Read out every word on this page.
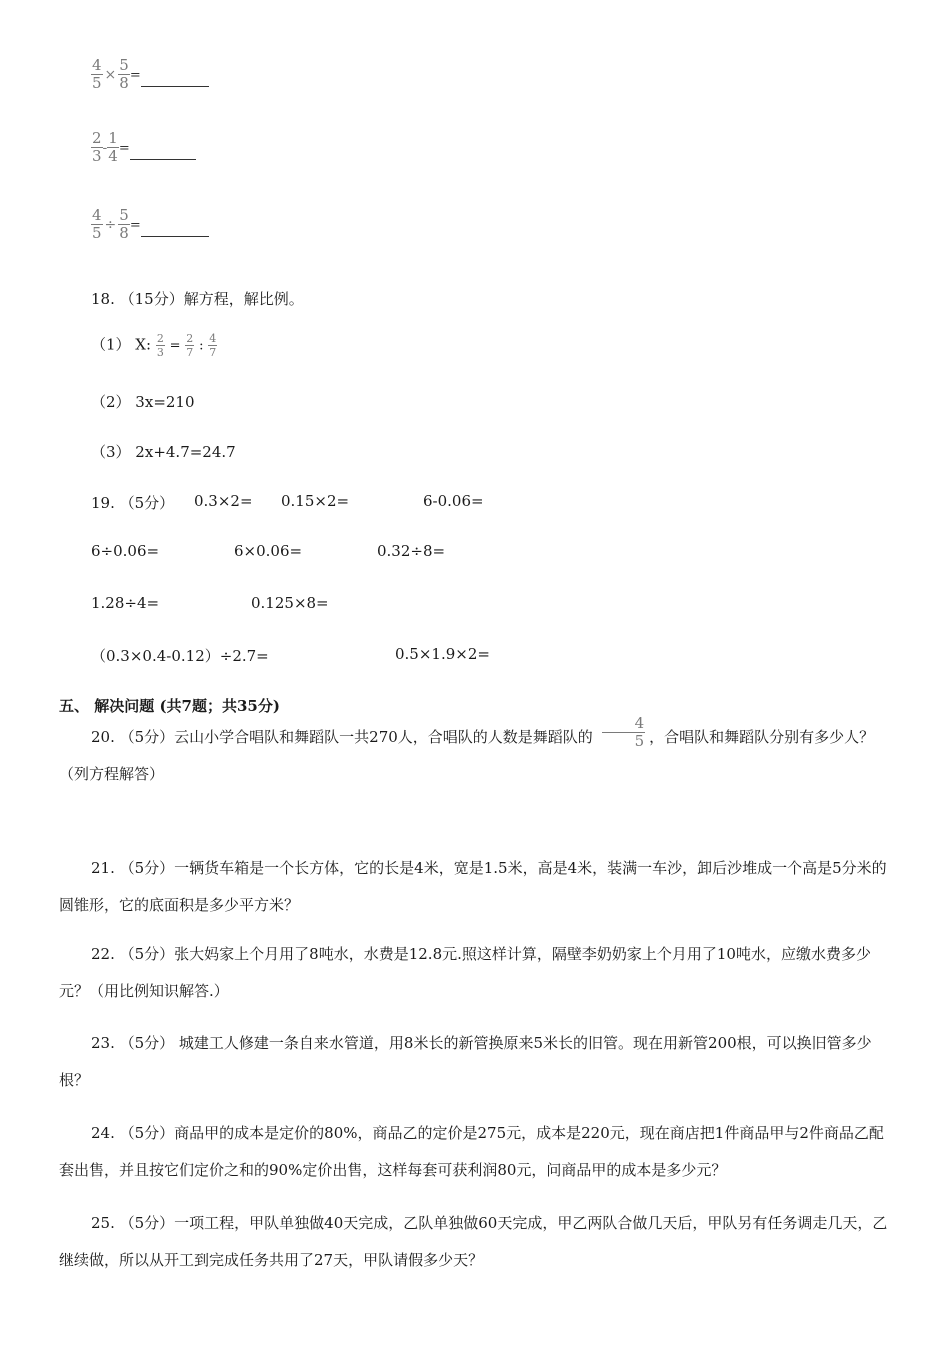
$\frac{4}{5} \times \frac{5}{8}$ =
$\frac{2}{3} - \frac{1}{4}$ =
$\frac{4}{5} \div \frac{5}{8}$ =
18. （15分）解方程，解比例。
（1） X: $\frac{2}{3} = \frac{2}{7}$ : $\frac{4}{7}$
（2） 3x=210
（3） 2x+4.7=24.7
19. （5分） 0.3×2= 0.15×2=	6-0.06=
6÷0.06=	6×0.06=	0.32÷8=
1.28÷4=	0.125×8=
（0.3×0.4-0.12）÷2.7=	0.5×1.9×2=
五、 解决问题 (共7题；共35分)
20. （5分）云山小学合唱队和舞蹈队一共270人，合唱队的人数是舞蹈队的 $\frac{4}{5}$ ，合唱队和舞蹈队分别有多少人？（列方程解答）
21. （5分）一辆货车箱是一个长方体，它的长是4米，宽是1.5米，高是4米，装满一车沙，卸后沙堆成一个高是5分米的圆锥形，它的底面积是多少平方米？
22. （5分）张大妈家上个月用了8吨水，水费是12.8元.照这样计算，隔壁李奶奶家上个月用了10吨水，应缴水费多少元？（用比例知识解答.）
23. （5分） 城建工人修建一条自来水管道，用8米长的新管换原来5米长的旧管。现在用新管200根，可以换旧管多少根？
24. （5分）商品甲的成本是定价的80%，商品乙的定价是275元，成本是220元，现在商店把1件商品甲与2件商品乙配套出售，并且按它们定价之和的90%定价出售，这样每套可获利润80元，问商品甲的成本是多少元？
25. （5分）一项工程，甲队单独做40天完成，乙队单独做60天完成，甲乙两队合做几天后，甲队另有任务调走几天，乙继续做，所以从开工到完成任务共用了27天，甲队请假多少天？
